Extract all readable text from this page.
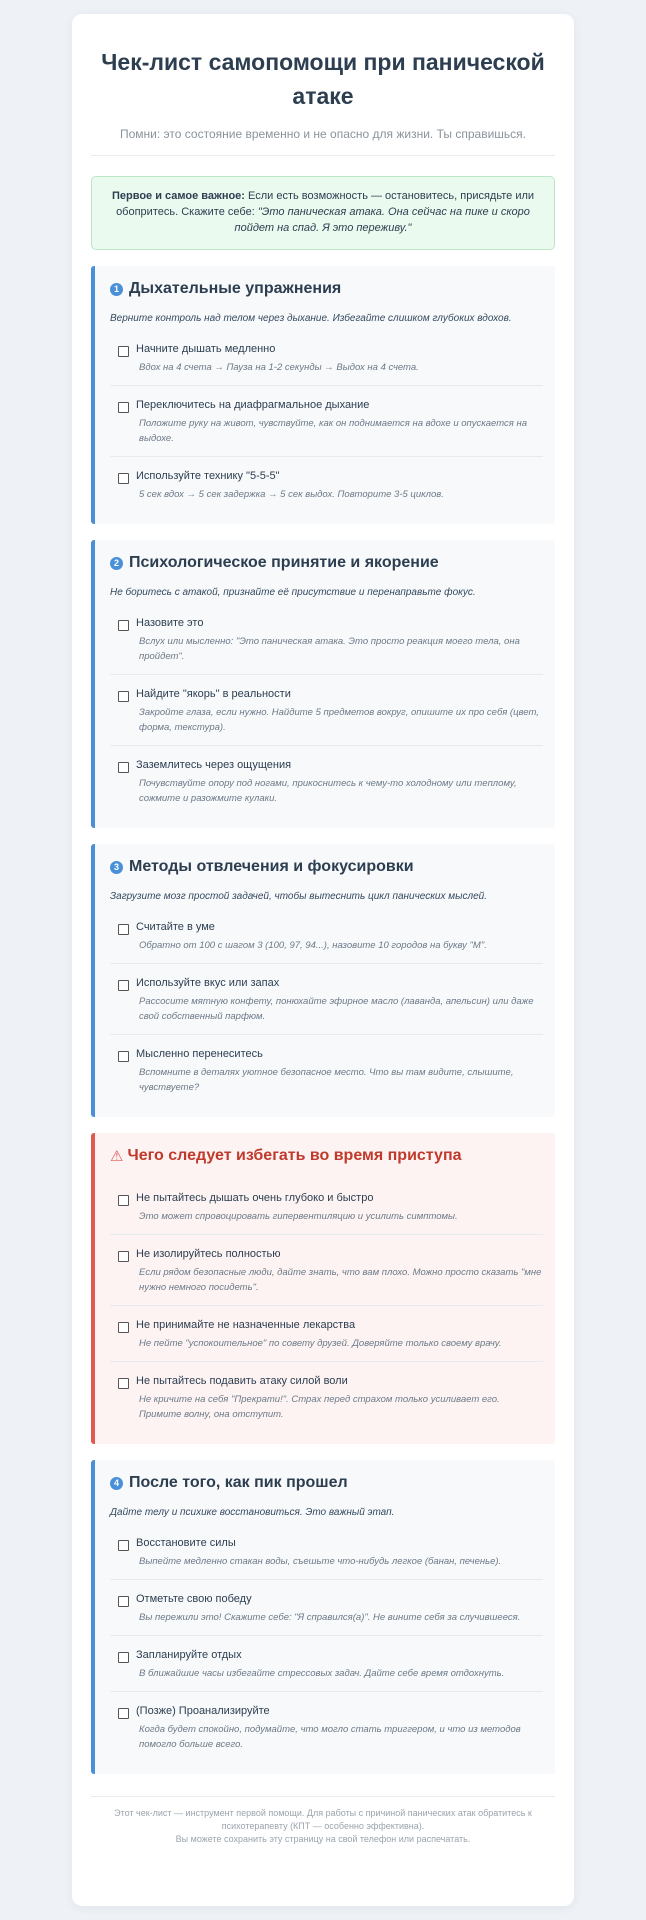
Чек-лист самопомощи при панической атаке
Помни: это состояние временно и не опасно для жизни. Ты справишься.
Первое и самое важное: Если есть возможность — остановитесь, присядьте или обопритесь. Скажите себе: "Это паническая атака. Она сейчас на пике и скоро пойдет на спад. Я это переживу."
1 Дыхательные упражнения
Верните контроль над телом через дыхание. Избегайте слишком глубоких вдохов.
Начните дышать медленно
Вдох на 4 счета → Пауза на 1-2 секунды → Выдох на 4 счета.
Переключитесь на диафрагмальное дыхание
Положите руку на живот, чувствуйте, как он поднимается на вдохе и опускается на выдохе.
Используйте технику "5-5-5"
5 сек вдох → 5 сек задержка → 5 сек выдох. Повторите 3-5 циклов.
2 Психологическое принятие и якорение
Не боритесь с атакой, признайте её присутствие и перенаправьте фокус.
Назовите это
Вслух или мысленно: "Это паническая атака. Это просто реакция моего тела, она пройдет".
Найдите "якорь" в реальности
Закройте глаза, если нужно. Найдите 5 предметов вокруг, опишите их про себя (цвет, форма, текстура).
Заземлитесь через ощущения
Почувствуйте опору под ногами, прикоснитесь к чему-то холодному или теплому, сожмите и разожмите кулаки.
3 Методы отвлечения и фокусировки
Загрузите мозг простой задачей, чтобы вытеснить цикл панических мыслей.
Считайте в уме
Обратно от 100 с шагом 3 (100, 97, 94...), назовите 10 городов на букву "М".
Используйте вкус или запах
Рассосите мятную конфету, понюхайте эфирное масло (лаванда, апельсин) или даже свой собственный парфюм.
Мысленно перенеситесь
Вспомните в деталях уютное безопасное место. Что вы там видите, слышите, чувствуете?
⚠ Чего следует избегать во время приступа
Не пытайтесь дышать очень глубоко и быстро
Это может спровоцировать гипервентиляцию и усилить симптомы.
Не изолируйтесь полностью
Если рядом безопасные люди, дайте знать, что вам плохо. Можно просто сказать "мне нужно немного посидеть".
Не принимайте не назначенные лекарства
Не пейте "успокоительное" по совету друзей. Доверяйте только своему врачу.
Не пытайтесь подавить атаку силой воли
Не кричите на себя "Прекрати!". Страх перед страхом только усиливает его. Примите волну, она отступит.
4 После того, как пик прошел
Дайте телу и психике восстановиться. Это важный этап.
Восстановите силы
Выпейте медленно стакан воды, съешьте что-нибудь легкое (банан, печенье).
Отметьте свою победу
Вы пережили это! Скажите себе: "Я справился(а)". Не вините себя за случившееся.
Запланируйте отдых
В ближайшие часы избегайте стрессовых задач. Дайте себе время отдохнуть.
(Позже) Проанализируйте
Когда будет спокойно, подумайте, что могло стать триггером, и что из методов помогло больше всего.
Этот чек-лист — инструмент первой помощи. Для работы с причиной панических атак обратитесь к психотерапевту (КПТ — особенно эффективна).
Вы можете сохранить эту страницу на свой телефон или распечатать.
